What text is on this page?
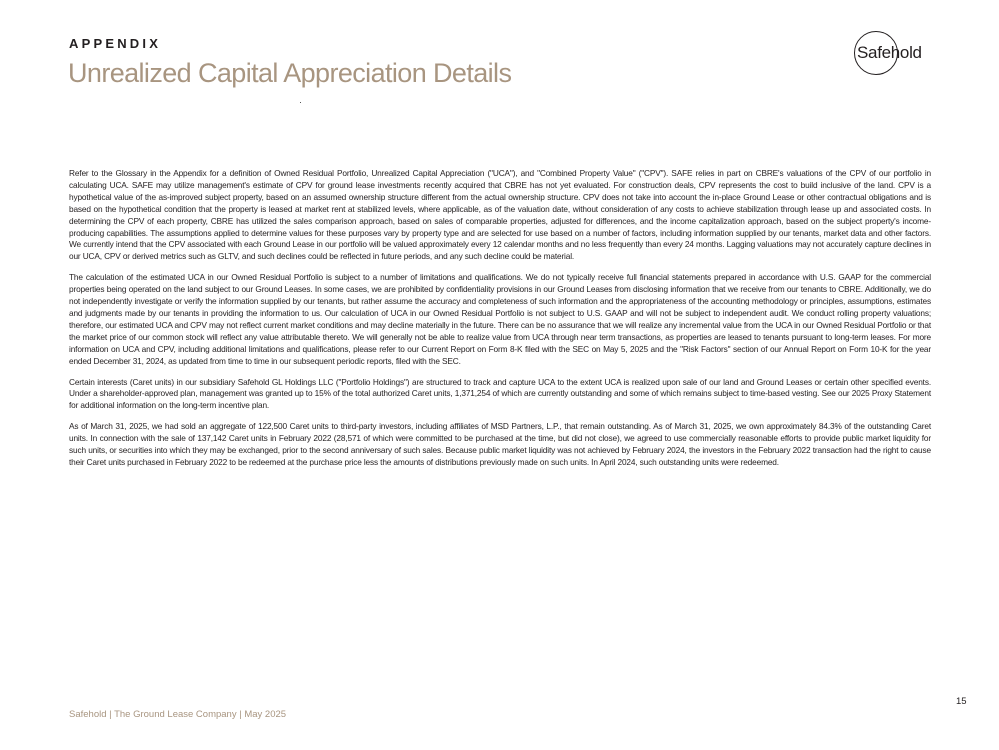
APPENDIX
Unrealized Capital Appreciation Details
Safehold

Refer to the Glossary in the Appendix for a definition of Owned Residual Portfolio, Unrealized Capital Appreciation ("UCA"), and "Combined Property Value" ("CPV"). SAFE relies in part on CBRE's valuations of the CPV of our portfolio in calculating UCA. SAFE may utilize management's estimate of CPV for ground lease investments recently acquired that CBRE has not yet evaluated. For construction deals, CPV represents the cost to build inclusive of the land. CPV is a hypothetical value of the as-improved subject property, based on an assumed ownership structure different from the actual ownership structure. CPV does not take into account the in-place Ground Lease or other contractual obligations and is based on the hypothetical condition that the property is leased at market rent at stabilized levels, where applicable, as of the valuation date, without consideration of any costs to achieve stabilization through lease up and associated costs. In determining the CPV of each property, CBRE has utilized the sales comparison approach, based on sales of comparable properties, adjusted for differences, and the income capitalization approach, based on the subject property's income-producing capabilities. The assumptions applied to determine values for these purposes vary by property type and are selected for use based on a number of factors, including information supplied by our tenants, market data and other factors. We currently intend that the CPV associated with each Ground Lease in our portfolio will be valued approximately every 12 calendar months and no less frequently than every 24 months. Lagging valuations may not accurately capture declines in our UCA, CPV or derived metrics such as GLTV, and such declines could be reflected in future periods, and any such decline could be material.

The calculation of the estimated UCA in our Owned Residual Portfolio is subject to a number of limitations and qualifications. We do not typically receive full financial statements prepared in accordance with U.S. GAAP for the commercial properties being operated on the land subject to our Ground Leases. In some cases, we are prohibited by confidentiality provisions in our Ground Leases from disclosing information that we receive from our tenants to CBRE. Additionally, we do not independently investigate or verify the information supplied by our tenants, but rather assume the accuracy and completeness of such information and the appropriateness of the accounting methodology or principles, assumptions, estimates and judgments made by our tenants in providing the information to us. Our calculation of UCA in our Owned Residual Portfolio is not subject to U.S. GAAP and will not be subject to independent audit. We conduct rolling property valuations; therefore, our estimated UCA and CPV may not reflect current market conditions and may decline materially in the future. There can be no assurance that we will realize any incremental value from the UCA in our Owned Residual Portfolio or that the market price of our common stock will reflect any value attributable thereto. We will generally not be able to realize value from UCA through near term transactions, as properties are leased to tenants pursuant to long-term leases. For more information on UCA and CPV, including additional limitations and qualifications, please refer to our Current Report on Form 8-K filed with the SEC on May 5, 2025 and the "Risk Factors" section of our Annual Report on Form 10-K for the year ended December 31, 2024, as updated from time to time in our subsequent periodic reports, filed with the SEC.

Certain interests (Caret units) in our subsidiary Safehold GL Holdings LLC ("Portfolio Holdings") are structured to track and capture UCA to the extent UCA is realized upon sale of our land and Ground Leases or certain other specified events. Under a shareholder-approved plan, management was granted up to 15% of the total authorized Caret units, 1,371,254 of which are currently outstanding and some of which remains subject to time-based vesting. See our 2025 Proxy Statement for additional information on the long-term incentive plan.

As of March 31, 2025, we had sold an aggregate of 122,500 Caret units to third-party investors, including affiliates of MSD Partners, L.P., that remain outstanding. As of March 31, 2025, we own approximately 84.3% of the outstanding Caret units. In connection with the sale of 137,142 Caret units in February 2022 (28,571 of which were committed to be purchased at the time, but did not close), we agreed to use commercially reasonable efforts to provide public market liquidity for such units, or securities into which they may be exchanged, prior to the second anniversary of such sales. Because public market liquidity was not achieved by February 2024, the investors in the February 2022 transaction had the right to cause their Caret units purchased in February 2022 to be redeemed at the purchase price less the amounts of distributions previously made on such units. In April 2024, such outstanding units were redeemed.

Safehold | The Ground Lease Company | May 2025
15
